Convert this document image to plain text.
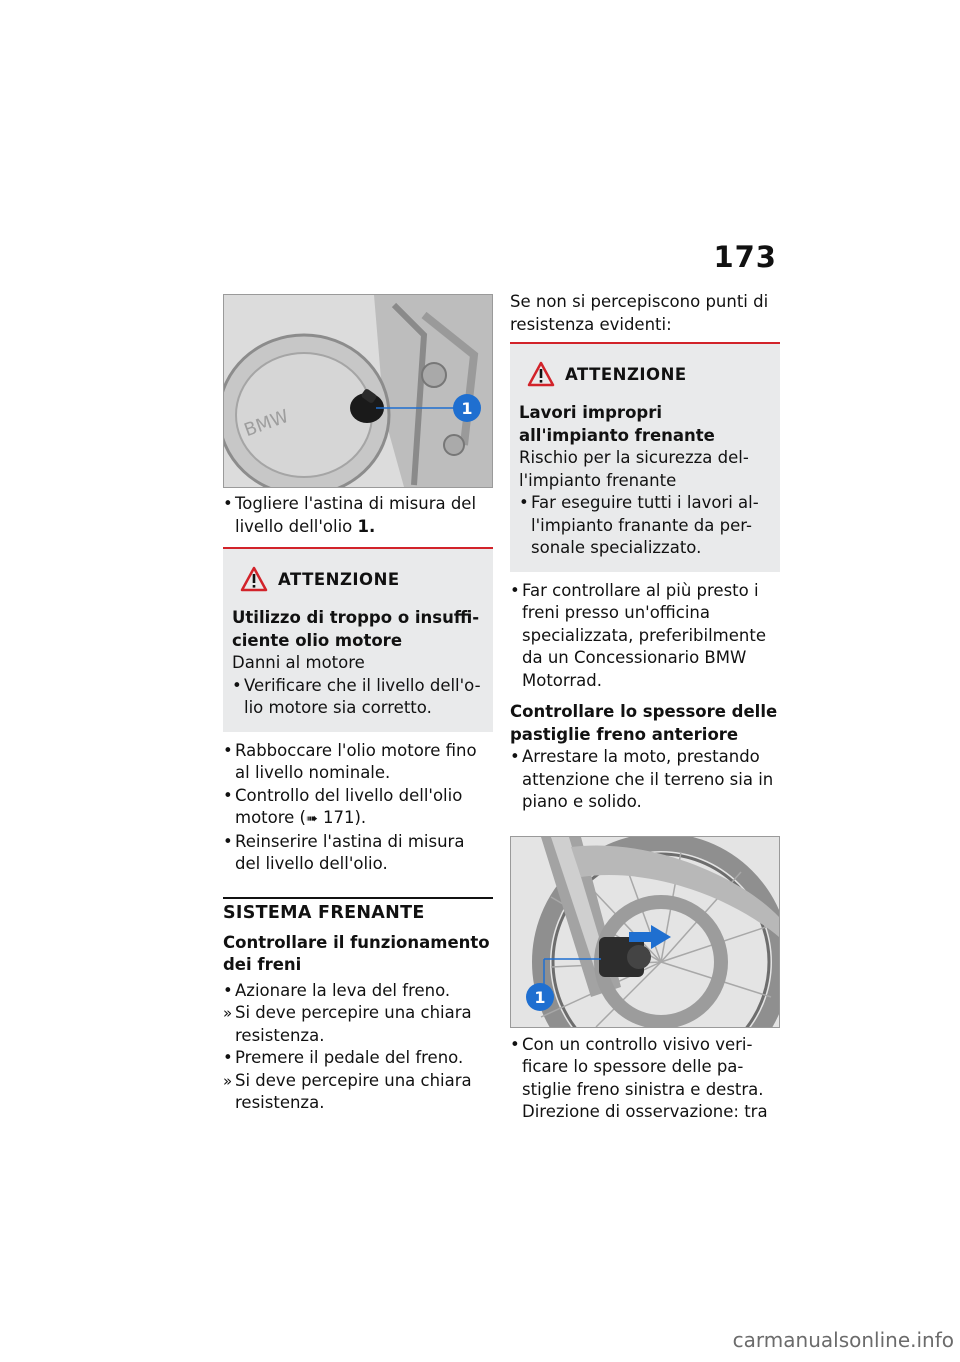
173
BMW	1

• Togliere l'astina di misura del livello dell'olio 1.

ATTENZIONE
Utilizzo di troppo o insuffi-ciente olio motore
Danni al motore

• Verificare che il livello dell'o-lio motore sia corretto.

• Rabboccare l'olio motore fino al livello nominale.

• Controllo del livello dell'olio motore (➠ 171).

• Reinserire l'astina di misura del livello dell'olio.

SISTEMA FRENANTE
Controllare il funzionamento dei freni

• Azionare la leva del freno.

» Si deve percepire una chiara resistenza.

• Premere il pedale del freno.

» Si deve percepire una chiara resistenza.

Se non si percepiscono punti di resistenza evidenti:

ATTENZIONE
Lavori impropri all'impianto frenante
Rischio per la sicurezza del-l'impianto frenante

• Far eseguire tutti i lavori al-l'impianto franante da per-sonale specializzato.

• Far controllare al più presto i freni presso un'officina specializzata, preferibilmente da un Concessionario BMW Motorrad.

Controllare lo spessore delle pastiglie freno anteriore

• Arrestare la moto, prestando attenzione che il terreno sia in piano e solido.

1

• Con un controllo visivo veri-ficare lo spessore delle pa-stiglie freno sinistra e destra. Direzione di osservazione: tra

carmanualsonline.info
